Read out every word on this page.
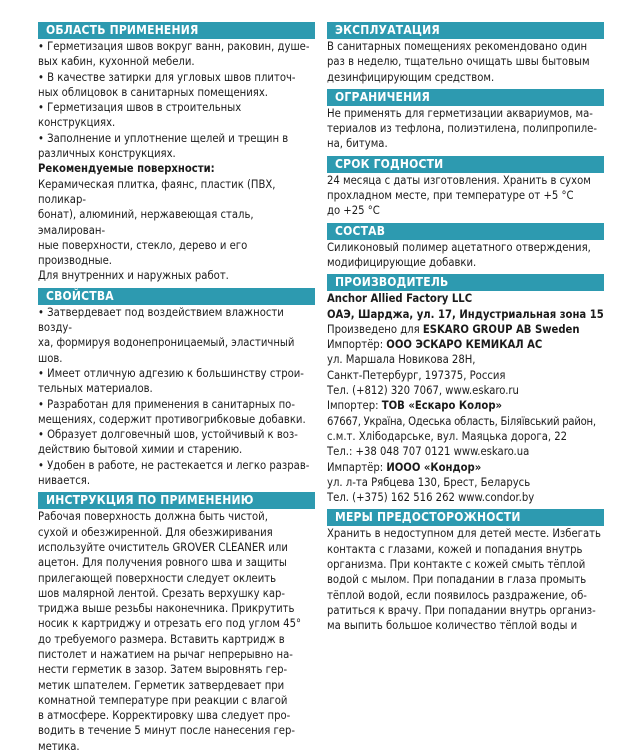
ОБЛАСТЬ ПРИМЕНЕНИЯ

• Герметизация швов вокруг ванн, раковин, душе-

вых кабин, кухонной мебели.

• В качестве затирки для угловых швов плиточ-

ных облицовок в санитарных помещениях.

• Герметизация швов в строительных конструкциях.

• Заполнение и уплотнение щелей и трещин в

различных конструкциях.

Рекомендуемые поверхности:

Керамическая плитка, фаянс, пластик (ПВХ, поликар-

бонат), алюминий, нержавеющая сталь, эмалирован-

ные поверхности, стекло, дерево и его производные.

Для внутренних и наружных работ.

СВОЙСТВА

• Затвердевает под воздействием влажности возду-

ха, формируя водонепроницаемый, эластичный шов.

• Имеет отличную адгезию к большинству строи-

тельных материалов.

• Разработан для применения в санитарных по-

мещениях, содержит противогрибковые добавки.

• Образует долговечный шов, устойчивый к воз-

действию бытовой химии и старению.

• Удобен в работе, не растекается и легко разрав-

нивается.

ИНСТРУКЦИЯ ПО ПРИМЕНЕНИЮ

Рабочая поверхность должна быть чистой,

сухой и обезжиренной. Для обезжиривания

используйте очиститель GROVER CLEANER или

ацетон. Для получения ровного шва и защиты

прилегающей поверхности следует оклеить

шов малярной лентой. Срезать верхушку кар-

триджа выше резьбы наконечника. Прикрутить

носик к картриджу и отрезать его под углом 45°

до требуемого размера. Вставить картридж в

пистолет и нажатием на рычаг непрерывно на-

нести герметик в зазор. Затем выровнять гер-

метик шпателем. Герметик затвердевает при

комнатной температуре при реакции с влагой

в атмосфере. Корректировку шва следует про-

водить в течение 5 минут после нанесения гер-

метика.

ЭКСПЛУАТАЦИЯ

В санитарных помещениях рекомендовано один

раз в неделю, тщательно очищать швы бытовым

дезинфицирующим средством.

ОГРАНИЧЕНИЯ

Не применять для герметизации аквариумов, ма-

териалов из тефлона, полиэтилена, полипропиле-

на, битума.

СРОК ГОДНОСТИ

24 месяца с даты изготовления. Хранить в сухом

прохладном месте, при температуре от +5 °С

до +25 °С

СОСТАВ

Силиконовый полимер ацетатного отверждения,

модифицирующие добавки.

ПРОИЗВОДИТЕЛЬ

Anchor Allied Factory LLC

ОАЭ, Шарджа, ул. 17, Индустриальная зона 15

Произведено для ESKARO GROUP AB Sweden

Импортёр: ООО ЭСКАРО КЕМИКАЛ АС

ул. Маршала Новикова 28Н,

Санкт-Петербург, 197375, Россия

Тел. (+812) 320 7067, www.eskaro.ru

Імпортер: ТОВ «Ескаро Колор»

67667, Україна, Одеська область, Біляївський район,

с.м.т. Хлібодарське, вул. Маяцька дорога, 22

Тел.: +38 048 707 0121 www.eskaro.ua

Импартёр: ИООО «Кондор»

ул. л-та Рябцева 130, Брест, Беларусь

Тел. (+375) 162 516 262 www.condor.by

МЕРЫ ПРЕДОСТОРОЖНОСТИ

Хранить в недоступном для детей месте. Избегать

контакта с глазами, кожей и попадания внутрь

организма. При контакте с кожей смыть тёплой

водой с мылом. При попадании в глаза промыть

тёплой водой, если появилось раздражение, об-

ратиться к врачу. При попадании внутрь организ-

ма выпить большое количество тёплой воды и
